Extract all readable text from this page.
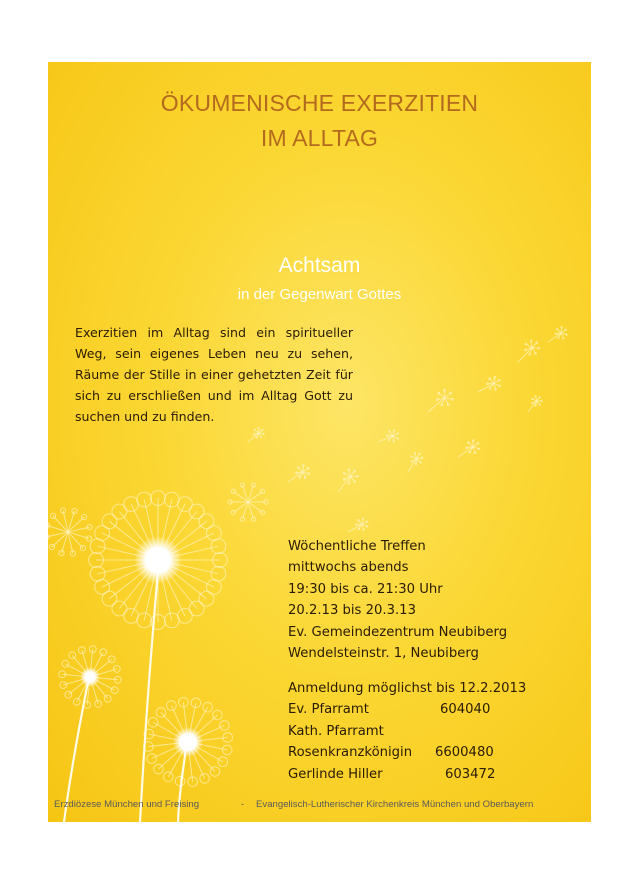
ÖKUMENISCHE EXERZITIEN
IM ALLTAG
Achtsam
in der Gegenwart Gottes
Exerzitien im Alltag sind ein spiritueller Weg, sein eigenes Leben neu zu sehen, Räume der Stille in einer gehetzten Zeit für sich zu erschließen und im Alltag Gott zu suchen und zu finden.
Wöchentliche Treffen
mittwochs abends
19:30 bis ca. 21:30 Uhr
20.2.13 bis 20.3.13
Ev. Gemeindezentrum Neubiberg
Wendelsteinstr. 1, Neubiberg
Anmeldung möglichst bis 12.2.2013
Ev. Pfarramt	604040
Kath. Pfarramt
Rosenkranzkönigin 6600480
Gerlinde Hiller	603472
Erzdiözese München und Freising	- Evangelisch-Lutherischer Kirchenkreis München und Oberbayern
